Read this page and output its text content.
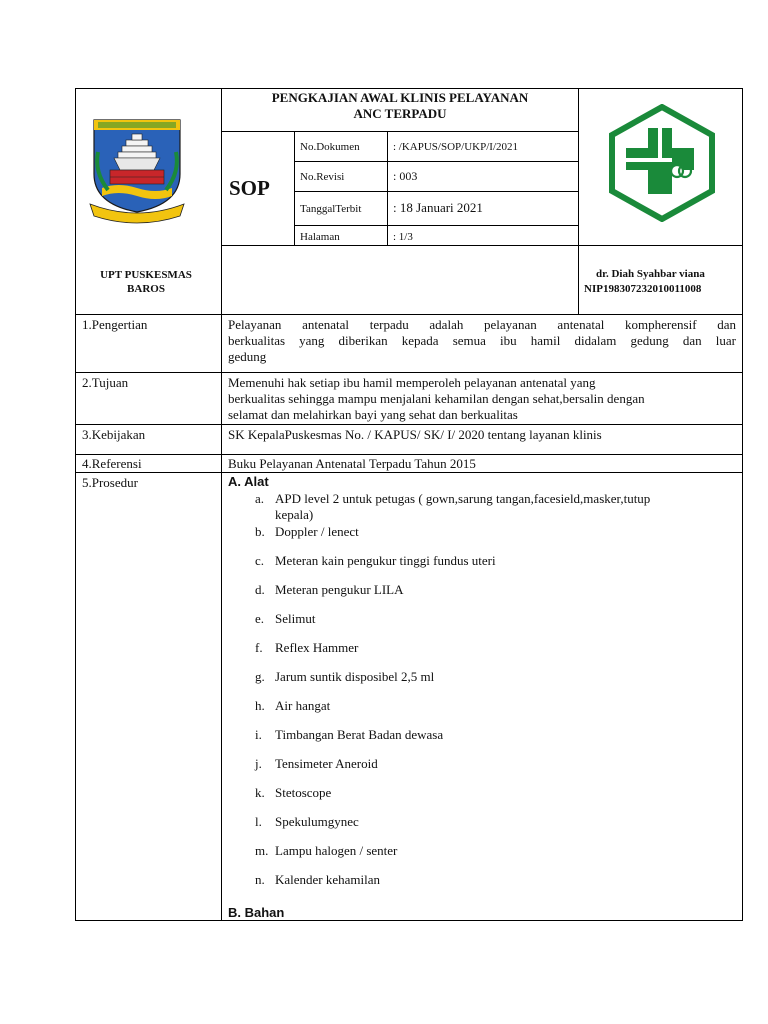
UPT PUSKESMAS
BAROS
PENGKAJIAN AWAL KLINIS PELAYANAN
ANC TERPADU
SOP
No.Dokumen	: /KAPUS/SOP/UKP/I/2021
No.Revisi	: 003
TanggalTerbit : 18 Januari 2021
Halaman	: 1/3
dr. Diah Syahbar viana
NIP198307232010011008
1.Pengertian	Pelayanan antenatal terpadu adalah pelayanan antenatal kompherensif dan
berkualitas yang diberikan kepada semua ibu hamil didalam gedung dan luar
gedung
2.Tujuan	Memenuhi hak setiap ibu hamil memperoleh pelayanan antenatal yang
berkualitas sehingga mampu menjalani kehamilan dengan sehat,bersalin dengan
selamat dan melahirkan bayi yang sehat dan berkualitas
3.Kebijakan	SK KepalaPuskesmas No. / KAPUS/ SK/ I/ 2020 tentang layanan klinis
4.Referensi	Buku Pelayanan Antenatal Terpadu Tahun 2015
5.Prosedur	A. Alat
a. APD level 2 untuk petugas ( gown,sarung tangan,facesield,masker,tutup
kepala)
b. Doppler / lenect
c. Meteran kain pengukur tinggi fundus uteri
d. Meteran pengukur LILA
e. Selimut
f. Reflex Hammer
g. Jarum suntik disposibel 2,5 ml
h. Air hangat
i. Timbangan Berat Badan dewasa
j. Tensimeter Aneroid
k. Stetoscope
l. Spekulumgynec
m. Lampu halogen / senter
n. Kalender kehamilan
B. Bahan
